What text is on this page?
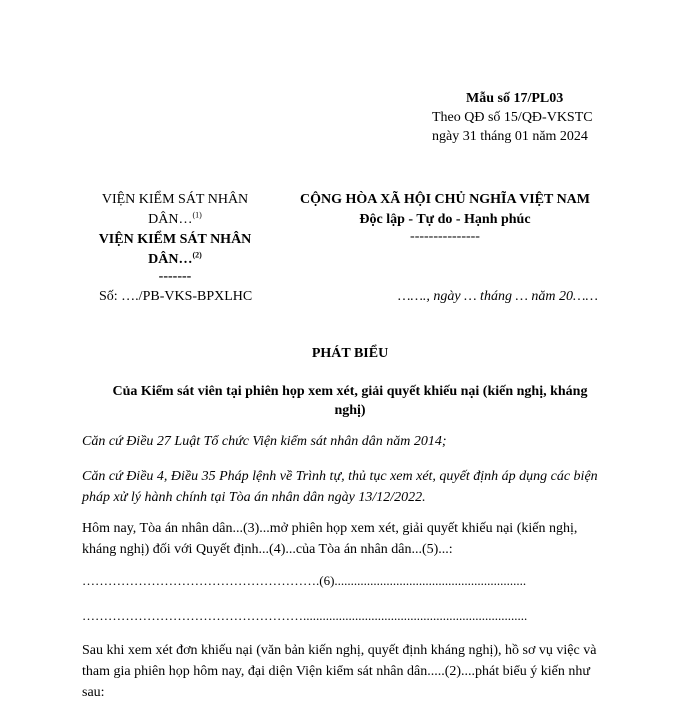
Mẫu số 17/PL03
Theo QĐ số 15/QĐ-VKSTC
ngày 31 tháng 01 năm 2024
VIỆN KIỂM SÁT NHÂN
DÂN…$^{(1)}$
VIỆN KIỂM SÁT NHÂN
DÂN…$^{(2)}$
-------
CỘNG HÒA XÃ HỘI CHỦ NGHĨA VIỆT NAM
Độc lập - Tự do - Hạnh phúc
---------------
Số: …./PB-VKS-BPXLHC	……., ngày … tháng … năm 20……
PHÁT BIỂU
Của Kiểm sát viên tại phiên họp xem xét, giải quyết khiếu nại (kiến nghị, kháng nghị)
Căn cứ Điều 27 Luật Tổ chức Viện kiểm sát nhân dân năm 2014;
Căn cứ Điều 4, Điều 35 Pháp lệnh về Trình tự, thủ tục xem xét, quyết định áp dụng các biện pháp xử lý hành chính tại Tòa án nhân dân ngày 13/12/2022.
Hôm nay, Tòa án nhân dân...(3)...mở phiên họp xem xét, giải quyết khiếu nại (kiến nghị, kháng nghị) đối với Quyết định...(4)...của Tòa án nhân dân...(5)...:
……………………………………………….(6)...........................................................
…………………………………………….....................................................................
Sau khi xem xét đơn khiếu nại (văn bản kiến nghị, quyết định kháng nghị), hồ sơ vụ việc và tham gia phiên họp hôm nay, đại diện Viện kiểm sát nhân dân.....(2)....phát biểu ý kiến như sau:
